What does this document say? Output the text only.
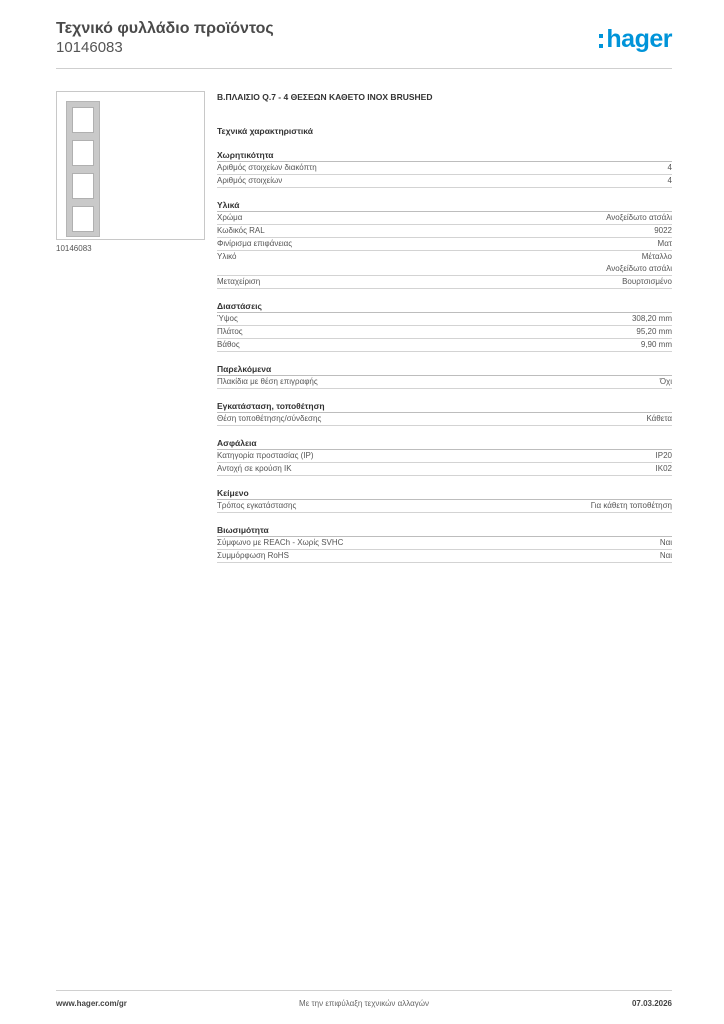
Τεχνικό φυλλάδιο προϊόντος
10146083	hager
10146083
Β.ΠΛΑΙΣΙΟ Q.7 - 4 ΘΕΣΕΩΝ ΚΑΘΕΤΟ INOX BRUSHED
Τεχνικά χαρακτηριστικά
Χωρητικότητα
Αριθμός στοιχείων διακόπτη	4
Αριθμός στοιχείων	4
Υλικά
Χρώμα	Ανοξείδωτο ατσάλι
Κωδικός RAL	9022
Φινίρισμα επιφάνειας	Ματ
Υλικό	Μέταλλο
Ανοξείδωτο ατσάλι
Μεταχείριση	Βουρτσισμένο
Διαστάσεις
Ύψος	308,20 mm
Πλάτος	95,20 mm
Βάθος	9,90 mm
Παρελκόμενα
Πλακίδια με θέση επιγραφής	Όχι
Εγκατάσταση, τοποθέτηση
Θέση τοποθέτησης/σύνδεσης	Κάθετα
Ασφάλεια
Κατηγορία προστασίας (IP)	IP20
Αντοχή σε κρούση IK	IK02
Κείμενο
Τρόπος εγκατάστασης	Για κάθετη τοποθέτηση
Βιωσιμότητα
Σύμφωνο με REACh - Χωρίς SVHC	Ναι
Συμμόρφωση RoHS	Ναι
Με την επιφύλαξη τεχνικών αλλαγών
www.hager.com/gr	07.03.2026
